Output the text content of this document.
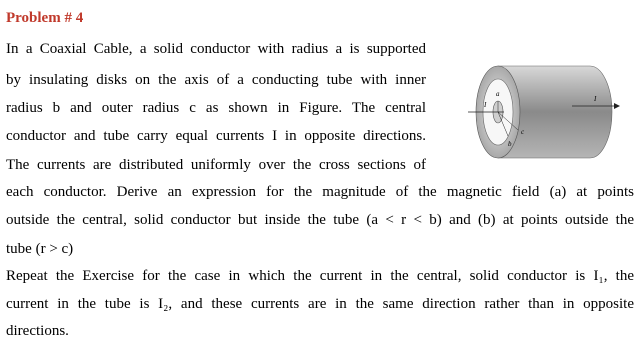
Problem # 4
In a Coaxial Cable, a solid conductor with radius a is supported
by insulating disks on the axis of a conducting tube with inner
radius b and outer radius c as shown in Figure. The central
conductor and tube carry equal currents I in opposite directions.
The currents are distributed uniformly over the cross sections of
each conductor. Derive an expression for the magnitude of the magnetic field (a) at points
outside the central, solid conductor but inside the tube (a < r < b) and (b) at points outside the
tube (r > c)
Repeat the Exercise for the case in which the current in the central, solid conductor is I₁, the
current in the tube is I₂, and these currents are in the same direction rather than in opposite
directions.
a
b
c
I
I
